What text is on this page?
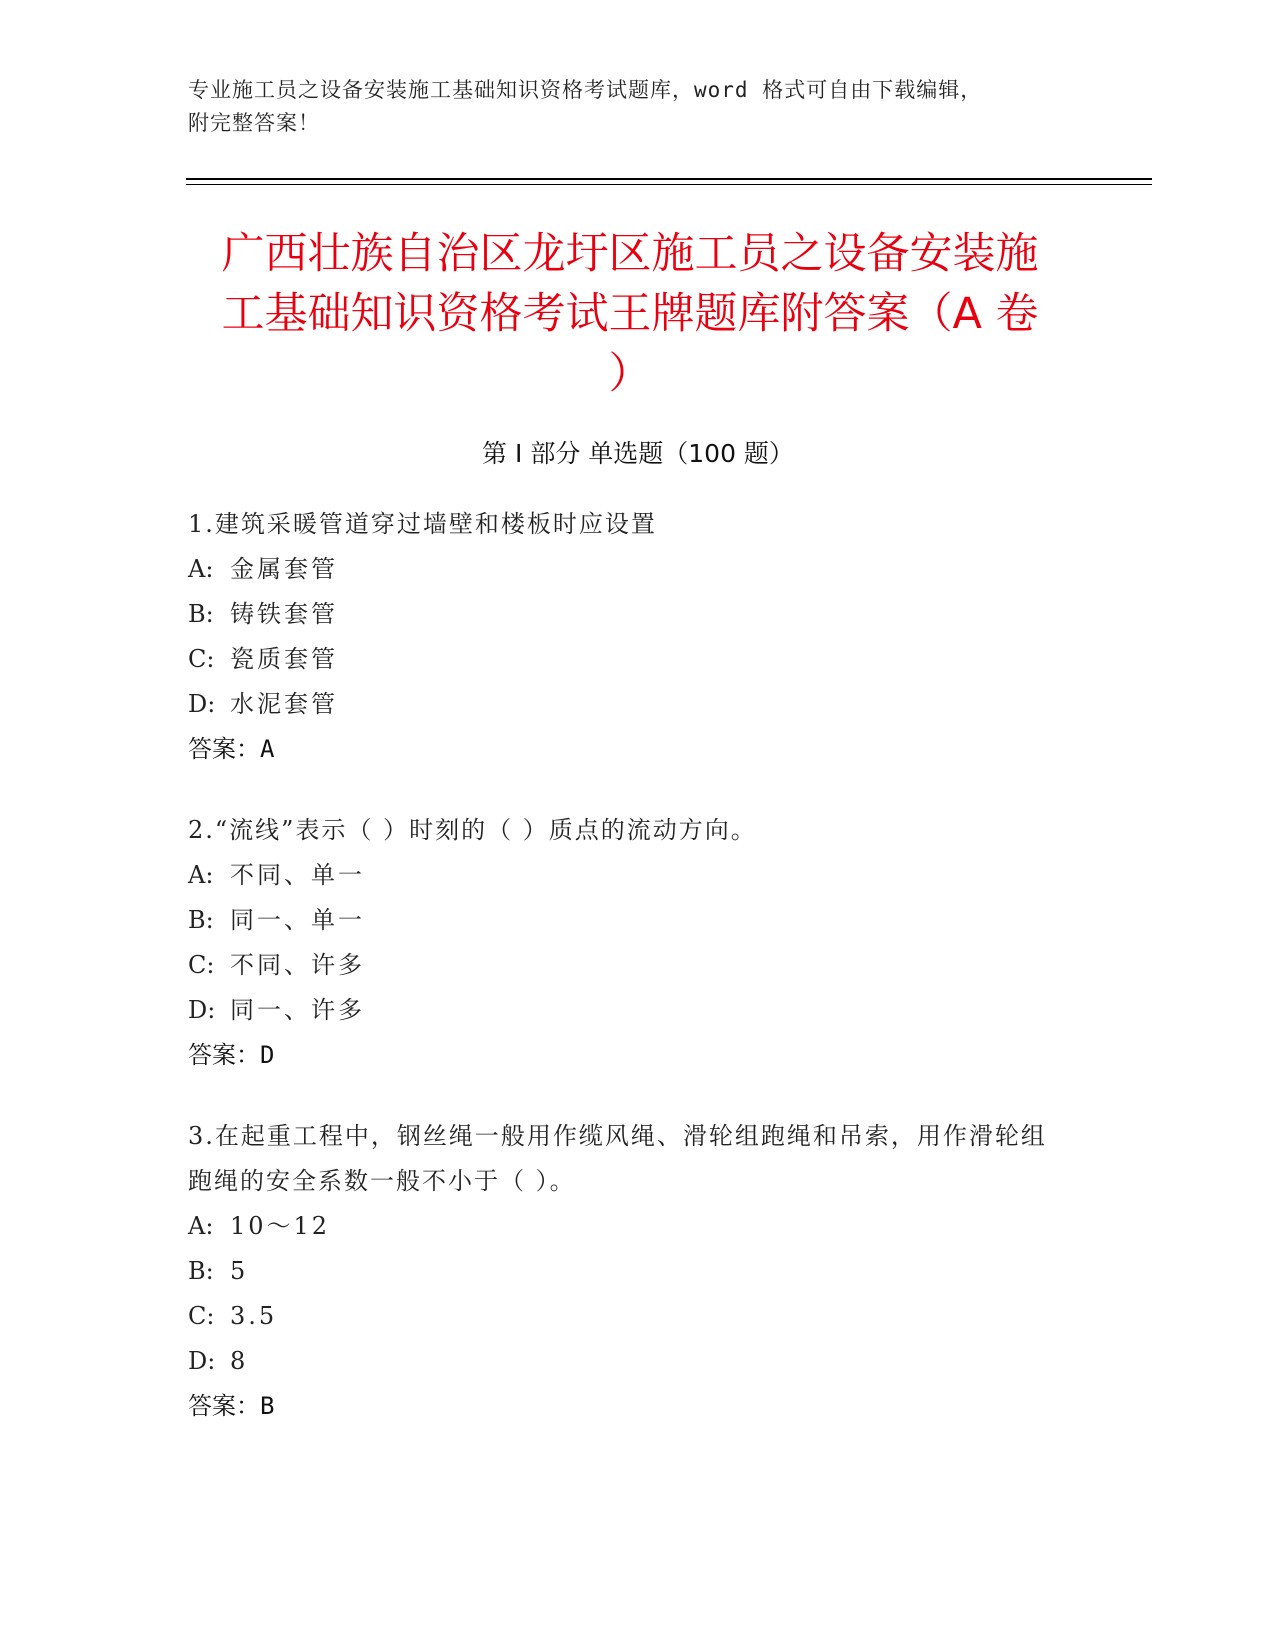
专业施工员之设备安装施工基础知识资格考试题库，word 格式可自由下载编辑，
附完整答案！
广西壮族自治区龙圩区施工员之设备安装施
工基础知识资格考试王牌题库附答案（A 卷
）
第 I 部分 单选题（100 题）
1.建筑采暖管道穿过墙壁和楼板时应设置
A: 金属套管
B: 铸铁套管
C: 瓷质套管
D: 水泥套管
答案：A
2.“流线”表示（ ）时刻的（ ）质点的流动方向。
A: 不同、单一
B: 同一、单一
C: 不同、许多
D: 同一、许多
答案：D
3.在起重工程中，钢丝绳一般用作缆风绳、滑轮组跑绳和吊索，用作滑轮组跑绳的安全系数一般不小于（ ）。
A: 10～12
B: 5
C: 3.5
D: 8
答案：B
